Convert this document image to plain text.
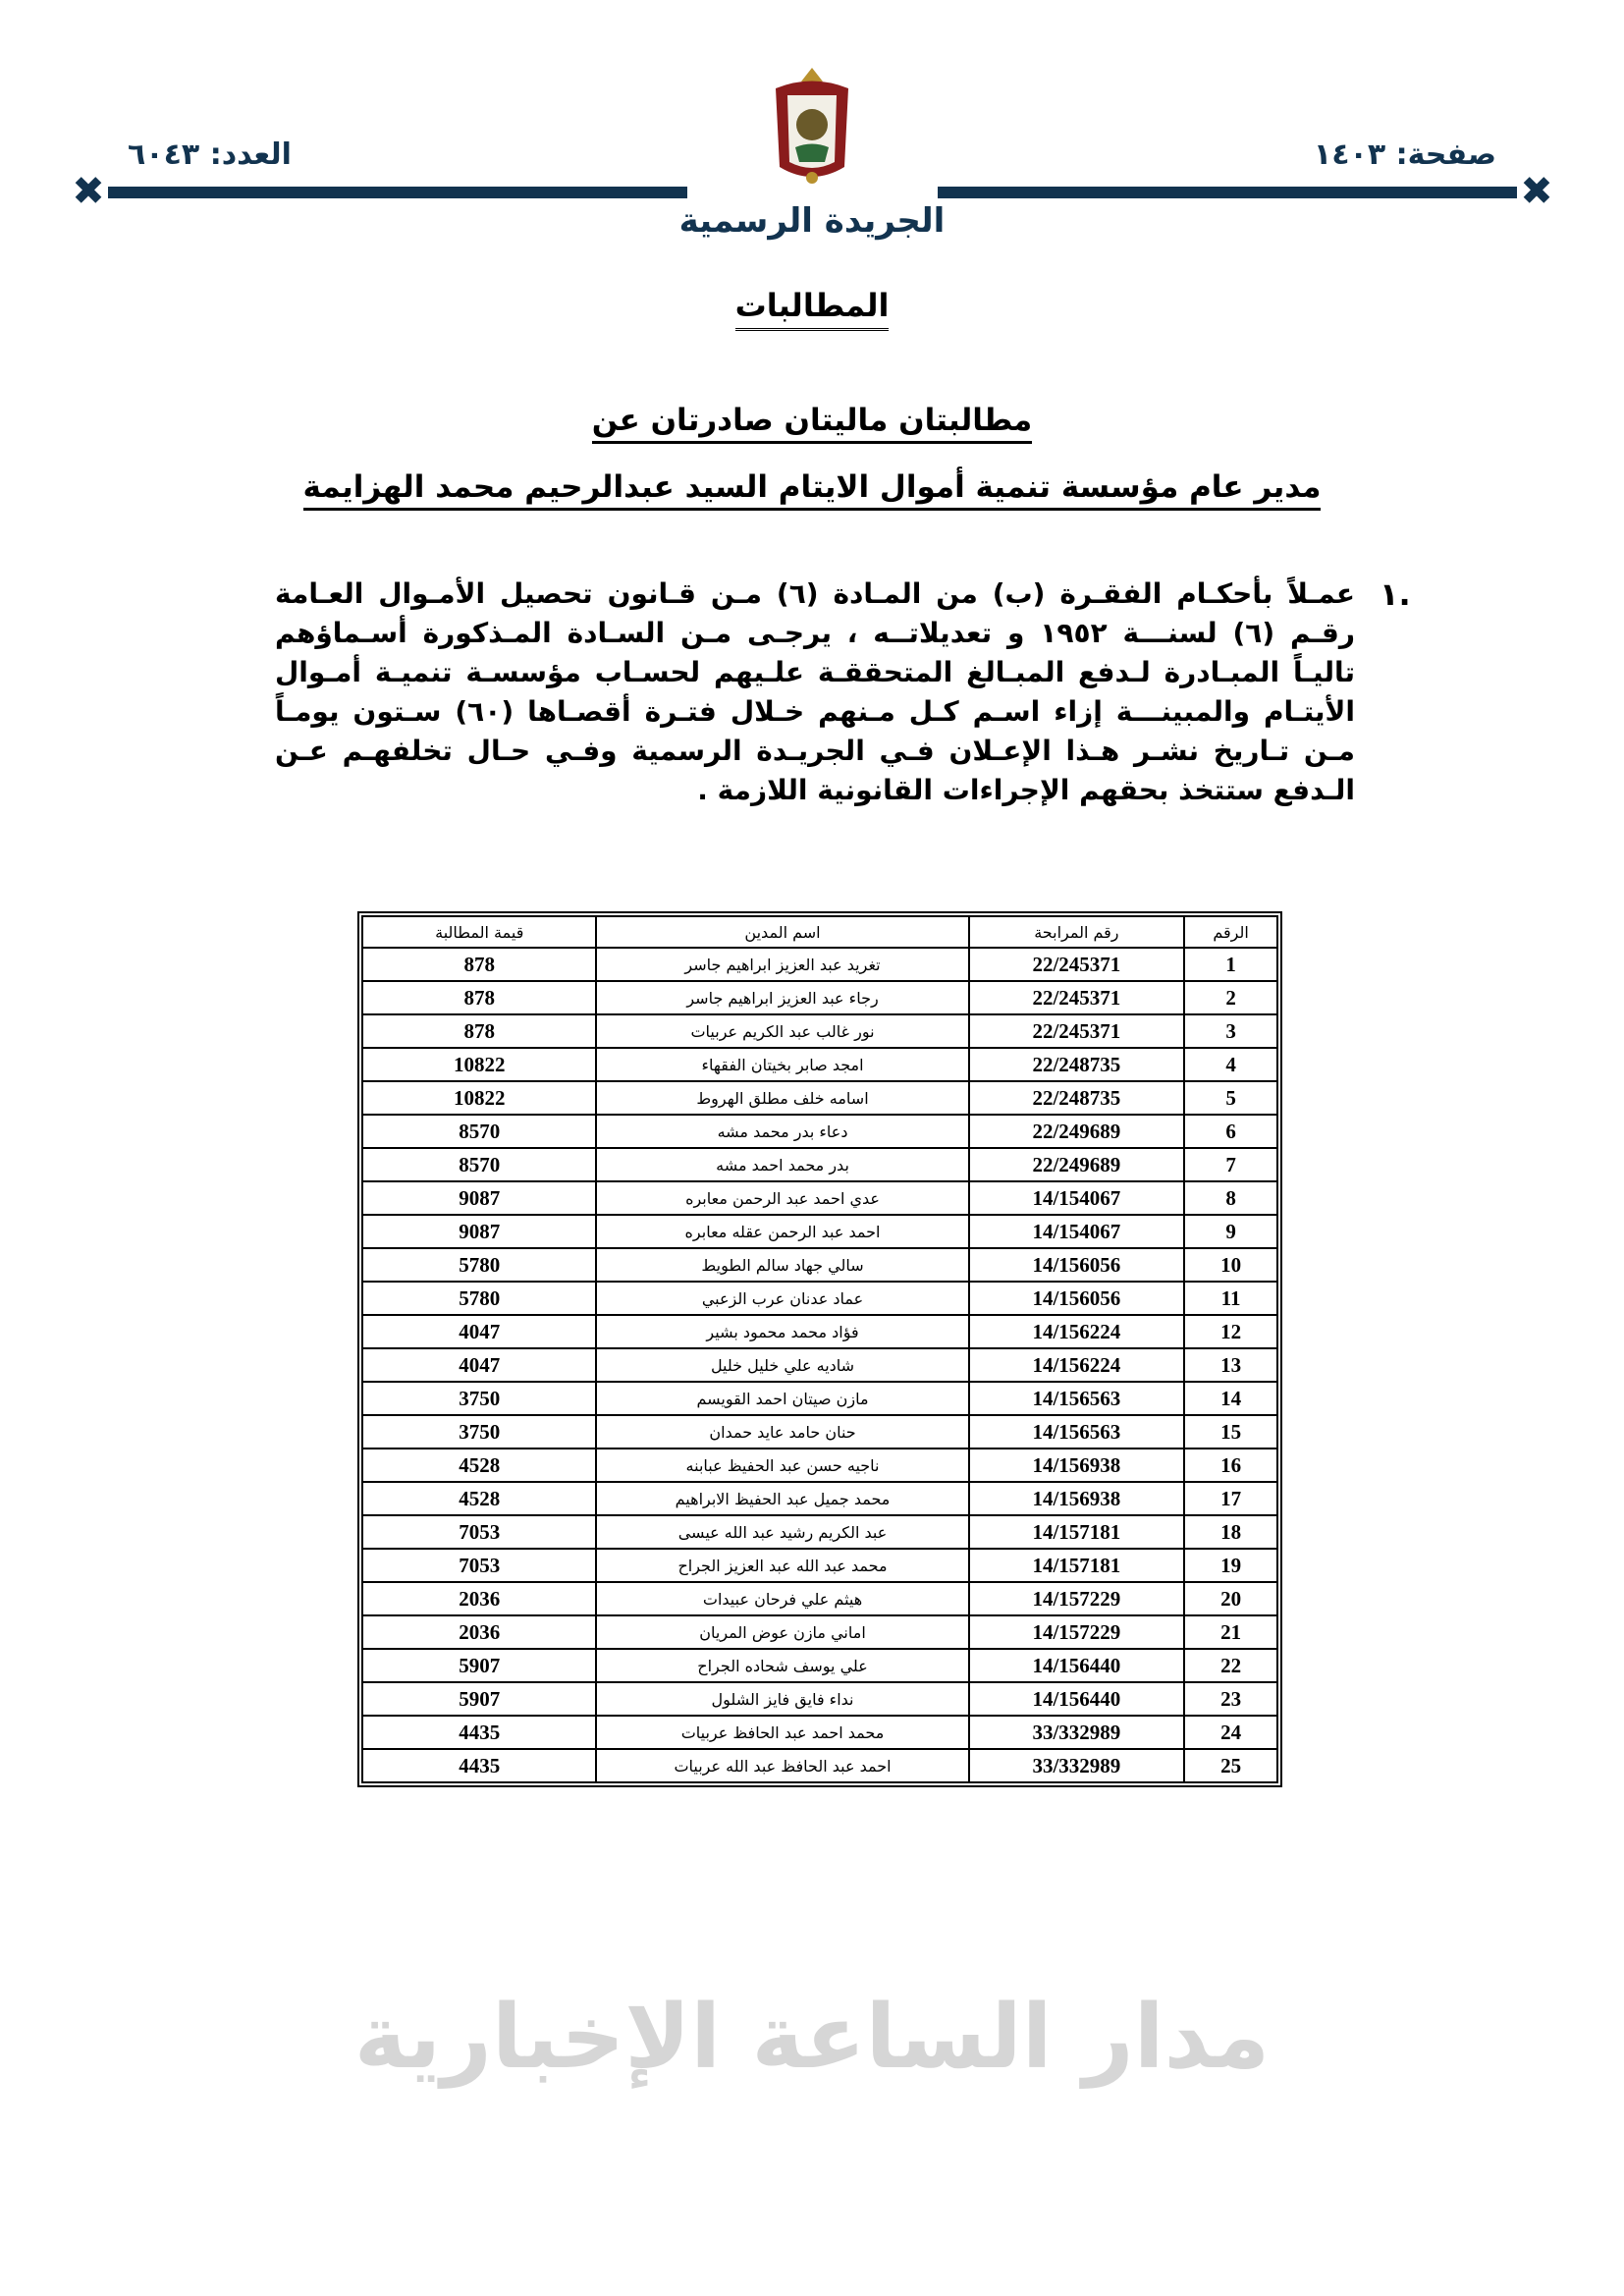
✖	✖
العدد: ٦٠٤٣	صفحة: ١٤٠٣
الجريدة الرسمية
المطالبات
مطالبتان ماليتان صادرتان عن
مدير عام مؤسسة تنمية أموال الايتام السيد عبدالرحيم محمد الهزايمة
١.
عمـلاً بأحكـام الفقـرة (ب) من المـادة (٦) مـن قـانون تحصيل الأمـوال العـامة رقـم (٦) لسنـــة ١٩٥٢ و تعديلاتــه ، يرجـى مـن السـادة المـذكورة أسـماؤهم تاليـاً المبـادرة لـدفع المبـالغ المتحققـة علـيهم لحسـاب مؤسسـة تنميـة أمـوال الأيتـام والمبينـــة إزاء اسـم كـل مـنهم خـلال فتـرة أقصـاها (٦٠) سـتون يومـاً مـن تـاريخ نشـر هـذا الإعـلان فـي الجريـدة الرسمية وفـي حـال تخلفهـم عـن الـدفع ستتخذ بحقهم الإجراءات القانونية اللازمة .
الرقم	رقم المرابحة	اسم المدين	قيمة المطالبة
1	22/245371	تغريد عبد العزيز ابراهيم جاسر	878
2	22/245371	رجاء عبد العزيز ابراهيم جاسر	878
3	22/245371	نور غالب عبد الكريم عربيات	878
4	22/248735	امجد صابر بخيتان الفقهاء	10822
5	22/248735	اسامه خلف مطلق الهروط	10822
6	22/249689	دعاء بدر محمد مشه	8570
7	22/249689	بدر محمد احمد مشه	8570
8	14/154067	عدي احمد عبد الرحمن معابره	9087
9	14/154067	احمد عبد الرحمن عقله معابره	9087
10	14/156056	سالي جهاد سالم الطويط	5780
11	14/156056	عماد عدنان عرب الزعبي	5780
12	14/156224	فؤاد محمد محمود بشير	4047
13	14/156224	شاديه علي خليل خليل	4047
14	14/156563	مازن صيتان احمد القويسم	3750
15	14/156563	حنان حامد عايد حمدان	3750
16	14/156938	ناجيه حسن عبد الحفيظ عبابنه	4528
17	14/156938	محمد جميل عبد الحفيظ الابراهيم	4528
18	14/157181	عبد الكريم رشيد عبد الله عيسى	7053
19	14/157181	محمد عبد الله عبد العزيز الجراح	7053
20	14/157229	هيثم علي فرحان عبيدات	2036
21	14/157229	اماني مازن عوض المريان	2036
22	14/156440	علي يوسف شحاده الجراح	5907
23	14/156440	نداء فايق فايز الشلول	5907
24	33/332989	محمد احمد عبد الحافظ عربيات	4435
25	33/332989	احمد عبد الحافظ عبد الله عربيات	4435
مدار الساعة الإخبارية
